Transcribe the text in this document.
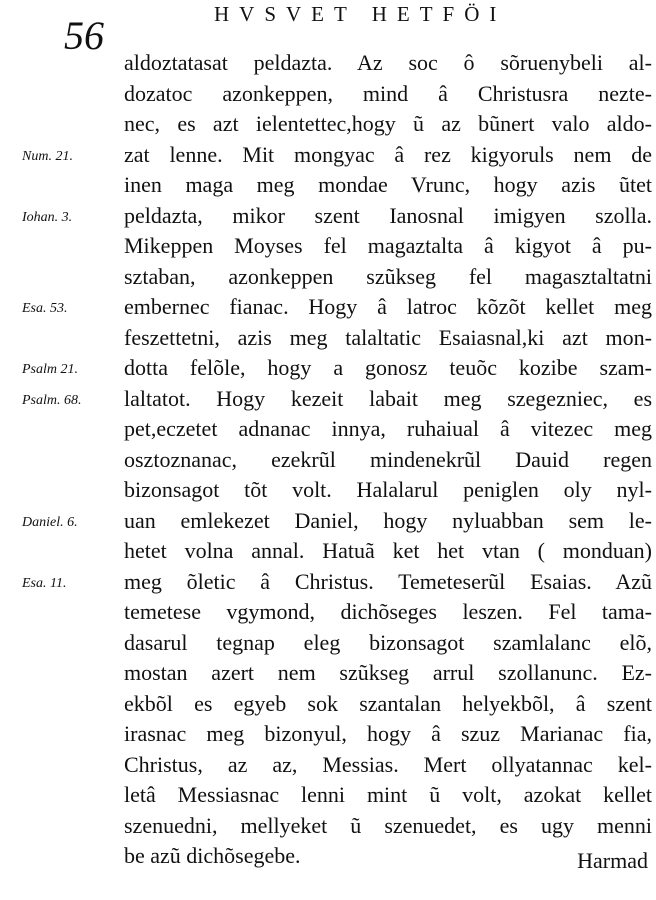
56	HVSVET HETFÖI
Num. 21.
Iohan. 3.
Esa. 53.
Psalm 21.
Psalm. 68.
Daniel. 6.
Esa. 11.
aldoztatasat peldazta. Az soc ô sõruenybeli al-
dozatoc azonkeppen, mind â Christusra nezte-
nec, es azt ielentettec,hogy ũ az bũnert valo aldo-
zat lenne. Mit mongyac â rez kigyoruls nem de
inen maga meg mondae Vrunc, hogy azis ũtet
peldazta, mikor szent Ianosnal imigyen szolla.
Mikeppen Moyses fel magaztalta â kigyot â pu-
sztaban, azonkeppen szũkseg fel magasztaltatni
embernec fianac. Hogy â latroc kõzõt kellet meg
feszettetni, azis meg talaltatic Esaiasnal,ki azt mon-
dotta felõle, hogy a gonosz teuõc kozibe szam-
laltatot. Hogy kezeit labait meg szegezniec, es
pet,eczetet adnanac innya, ruhaiual â vitezec meg
osztoznanac, ezekrũl mindenekrũl Dauid regen
bizonsagot tõt volt. Halalarul peniglen oly nyl-
uan emlekezet Daniel, hogy nyluabban sem le-
hetet volna annal. Hatuã ket het vtan ( monduan)
meg õletic â Christus. Temeteserũl Esaias. Azũ
temetese vgymond, dichõseges leszen. Fel tama-
dasarul tegnap eleg bizonsagot szamlalanc elõ,
mostan azert nem szũkseg arrul szollanunc. Ez-
ekbõl es egyeb sok szantalan helyekbõl, â szent
irasnac meg bizonyul, hogy â szuz Marianac fia,
Christus, az az, Messias. Mert ollyatannac kel-
letâ Messiasnac lenni mint ũ volt, azokat kellet
szenuedni, mellyeket ũ szenuedet, es ugy menni
be azũ dichõsegebe.	Harmad
